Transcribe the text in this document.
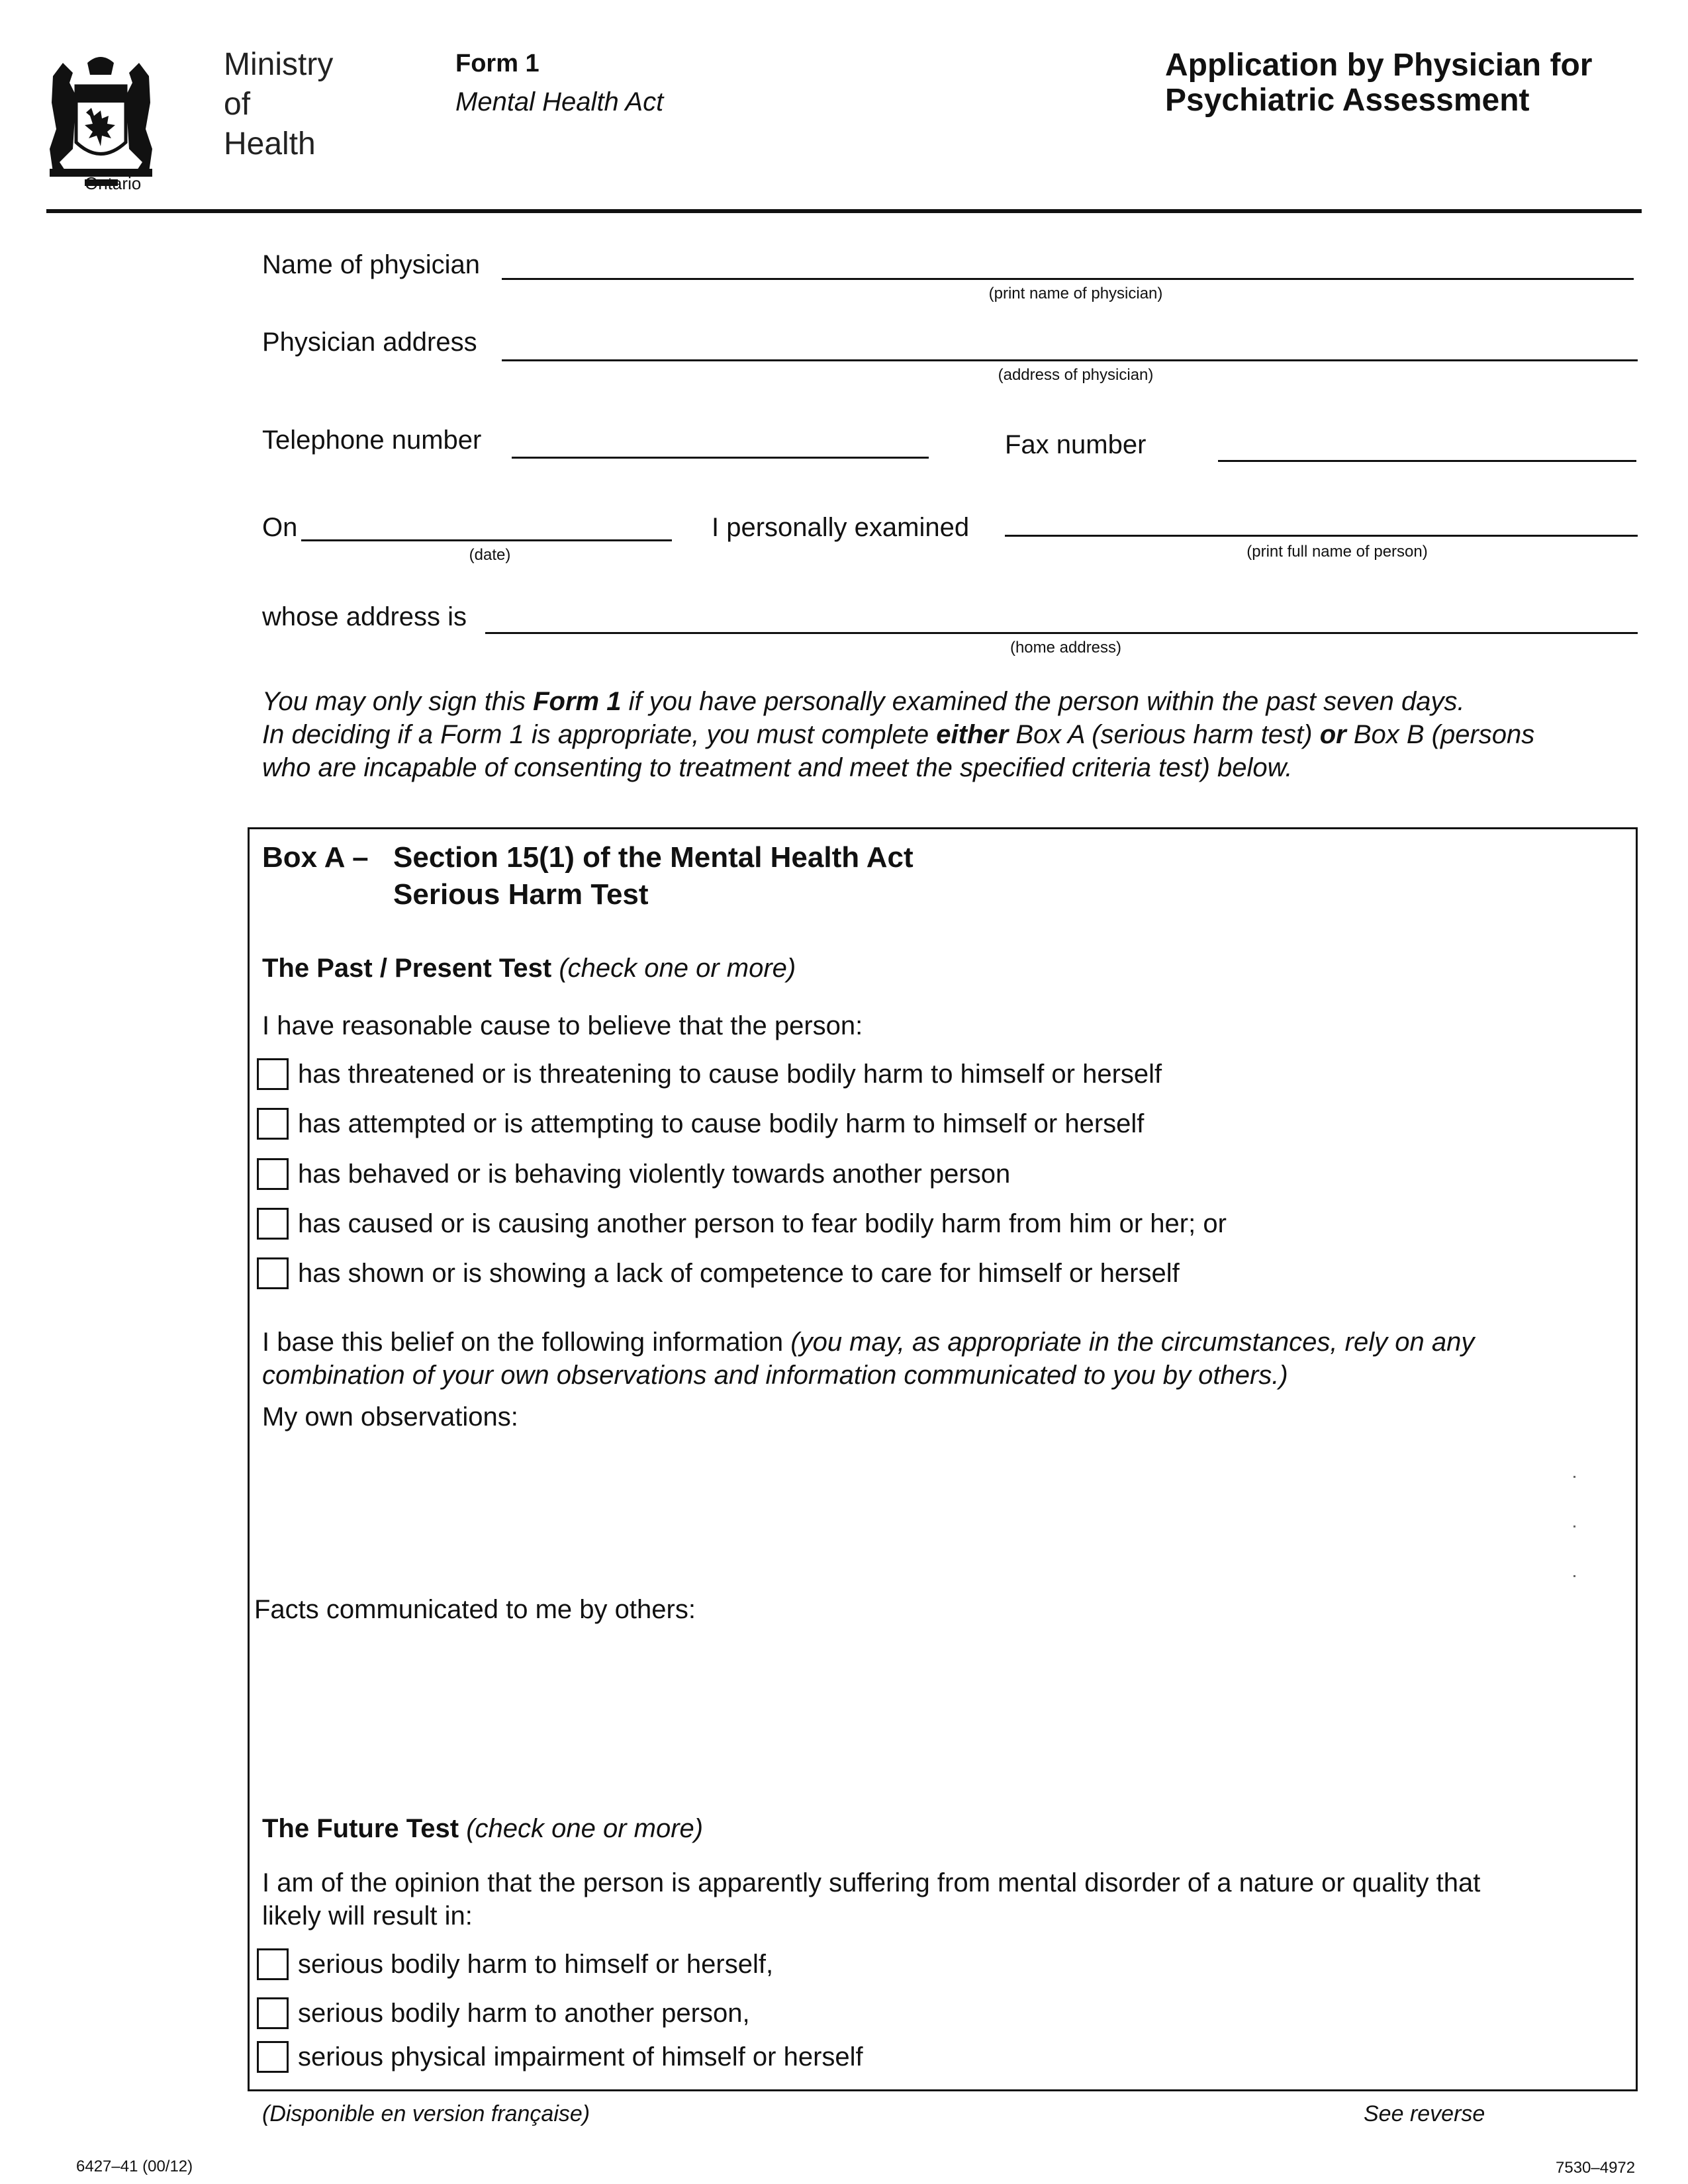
Ontario
Ministry
of
Health
Form 1
Mental Health Act
Application by Physician for
Psychiatric Assessment
Name of physician
(print name of physician)
Physician address
(address of physician)
Telephone number	Fax number
On
(date)
I personally examined
(print full name of person)
whose address is
(home address)
You may only sign this Form 1 if you have personally examined the person within the past seven days.
In deciding if a Form 1 is appropriate, you must complete either Box A (serious harm test) or Box B (persons
who are incapable of consenting to treatment and meet the specified criteria test) below.
Box A – Section 15(1) of the Mental Health Act
Serious Harm Test
The Past / Present Test (check one or more)
I have reasonable cause to believe that the person:
has threatened or is threatening to cause bodily harm to himself or herself
has attempted or is attempting to cause bodily harm to himself or herself
has behaved or is behaving violently towards another person
has caused or is causing another person to fear bodily harm from him or her; or
has shown or is showing a lack of competence to care for himself or herself
I base this belief on the following information (you may, as appropriate in the circumstances, rely on any
combination of your own observations and information communicated to you by others.)
My own observations:
Facts communicated to me by others:
The Future Test (check one or more)
I am of the opinion that the person is apparently suffering from mental disorder of a nature or quality that
likely will result in:
serious bodily harm to himself or herself,
serious bodily harm to another person,
serious physical impairment of himself or herself
(Disponible en version française)	See reverse
6427–41 (00/12)	7530–4972
